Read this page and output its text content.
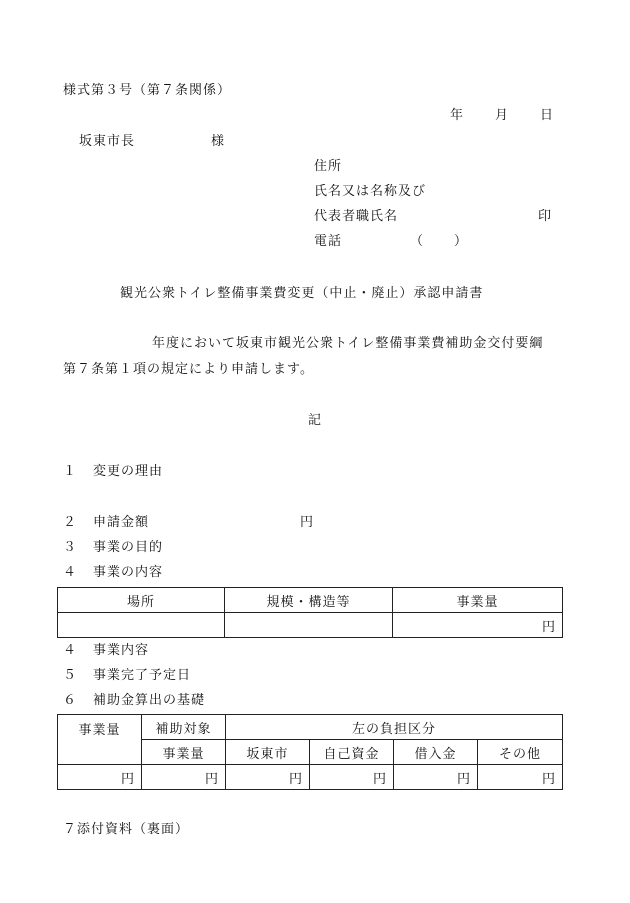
様式第３号（第７条関係）
年 月 日
坂東市長	様
住所
氏名又は名称及び
代表者職氏名	印
電話	（ ）
観光公衆トイレ整備事業費変更（中止・廃止）承認申請書
年度において坂東市観光公衆トイレ整備事業費補助金交付要綱
第７条第１項の規定により申請します。
記
１ 変更の理由
２ 申請金額	円
３ 事業の目的
４ 事業の内容
場所	規模・構造等	事業量
		円
４ 事業内容
５ 事業完了予定日
６ 補助金算出の基礎
事業量	補助対象	左の負担区分			
	事業量	坂東市	自己資金	借入金	その他
円	円	円	円	円	円
７添付資料（裏面）
